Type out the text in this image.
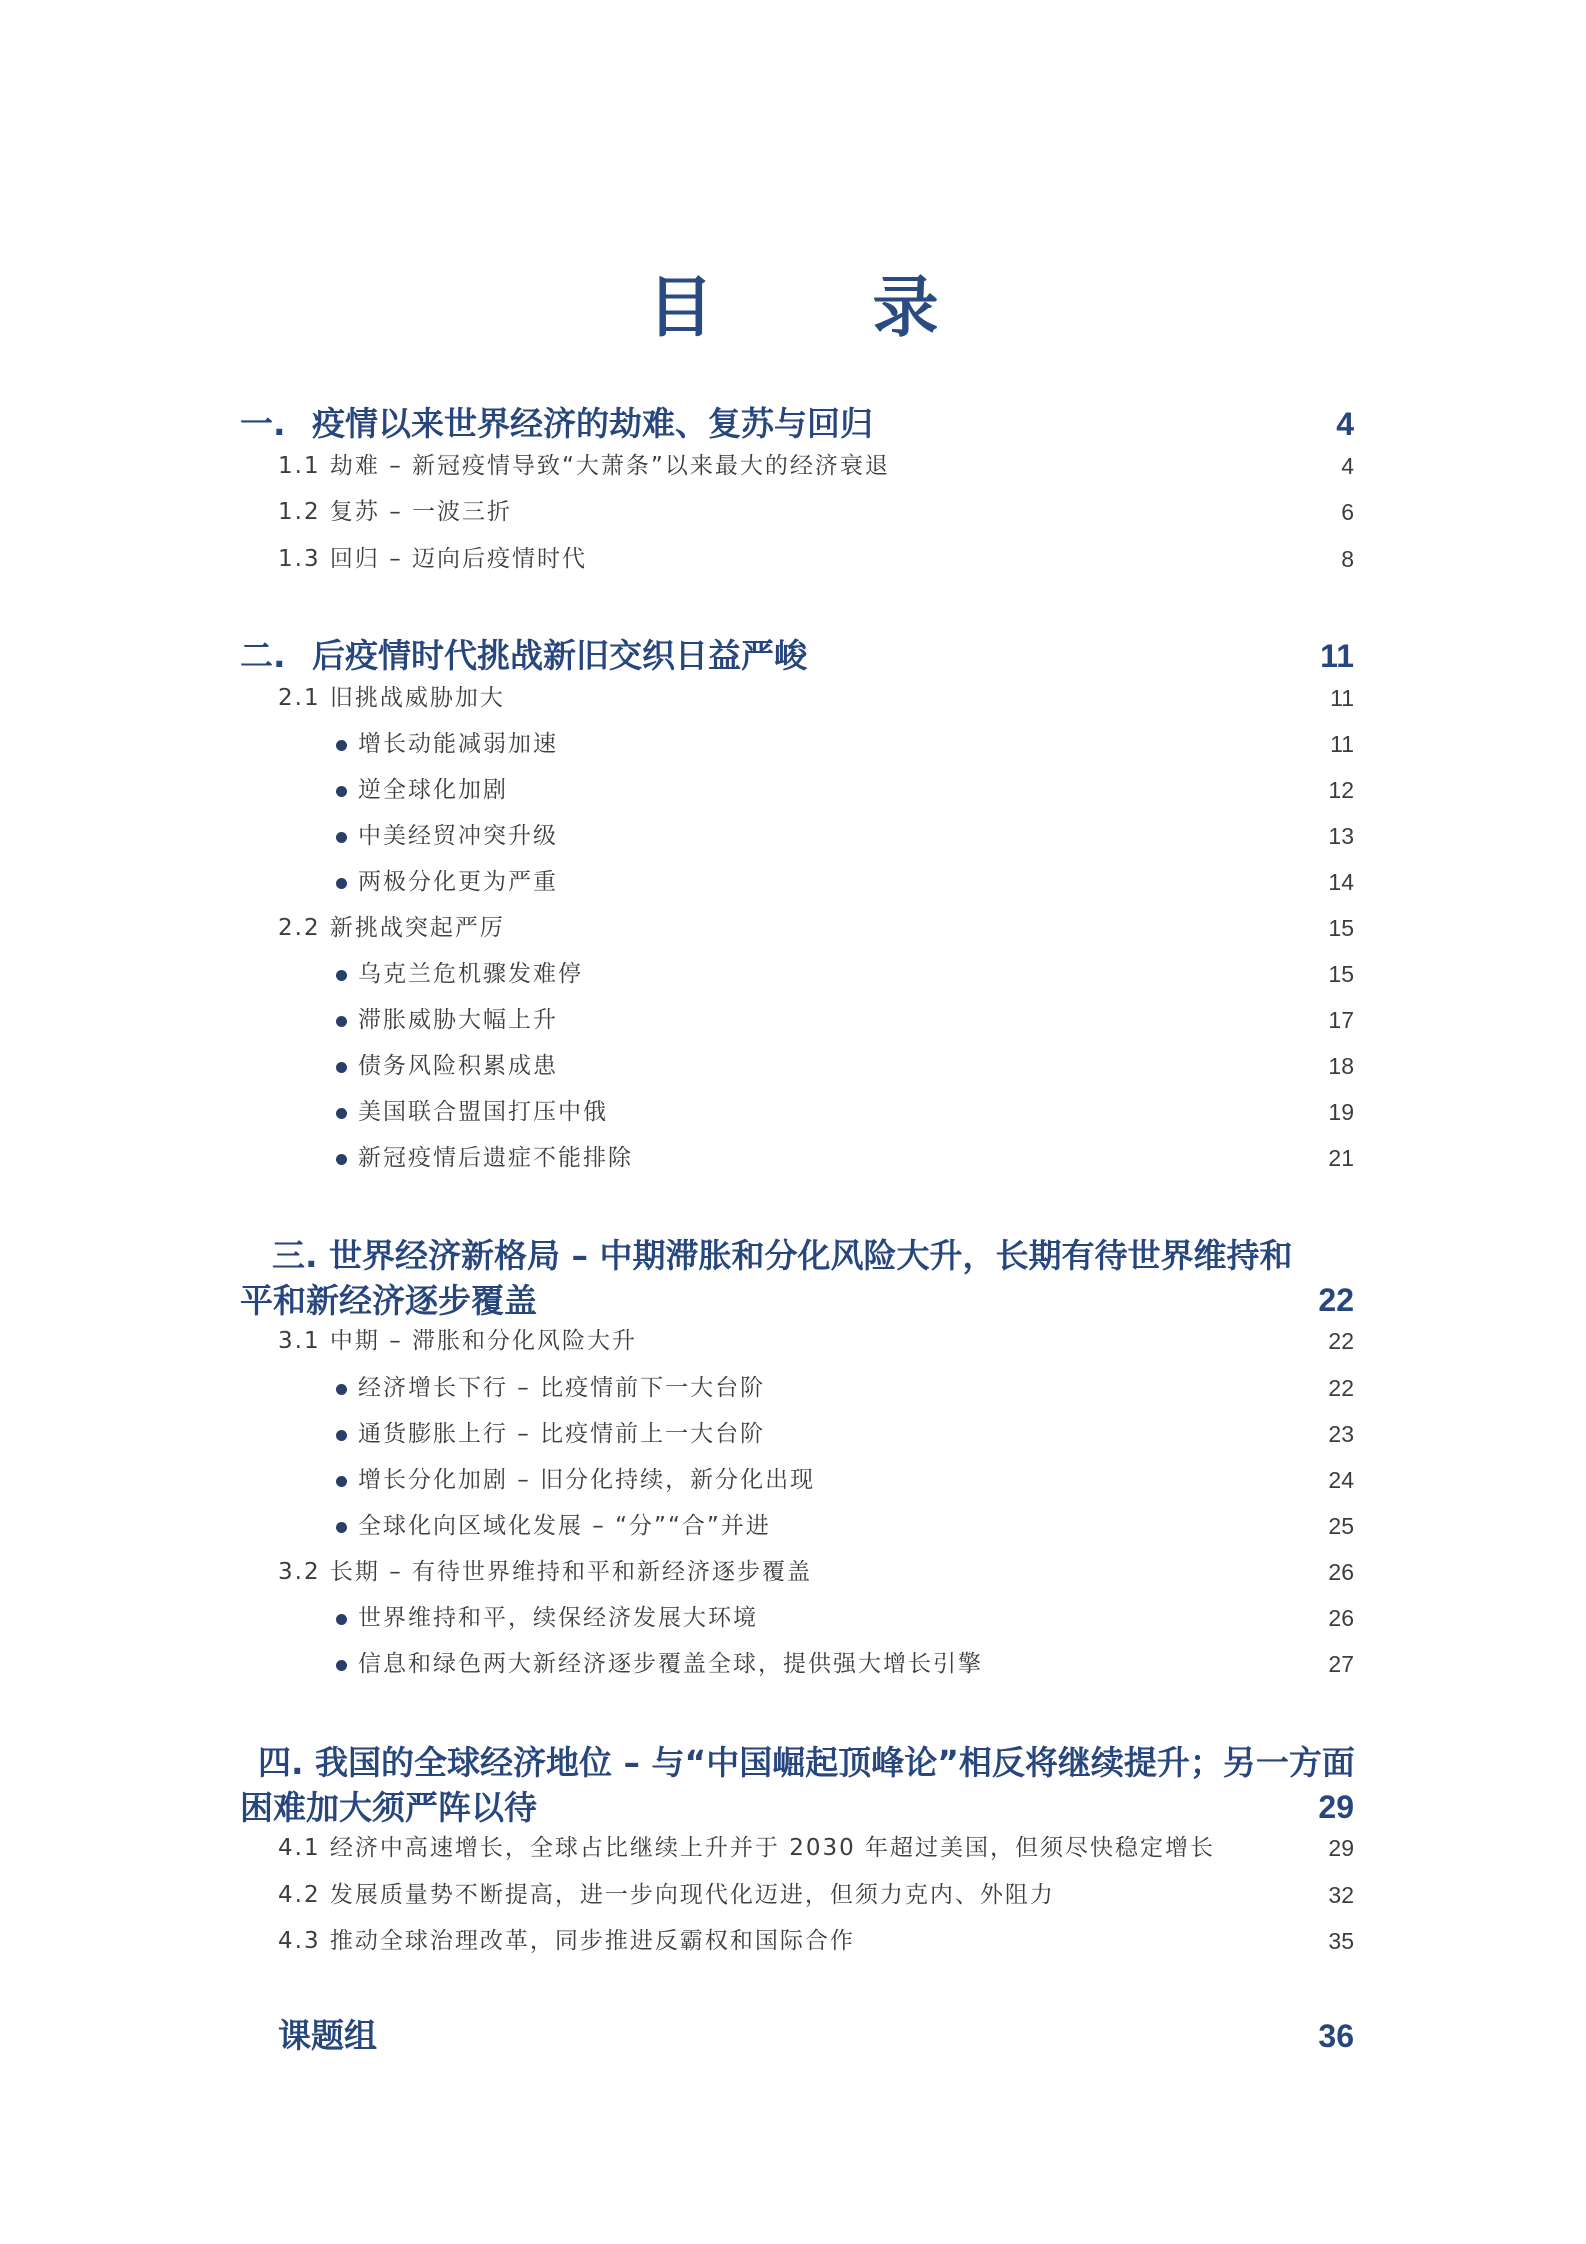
目 录
一. 疫情以来世界经济的劫难、复苏与回归	4
1.1 劫难 – 新冠疫情导致“大萧条”以来最大的经济衰退	4
1.2 复苏 – 一波三折	6
1.3 回归 – 迈向后疫情时代	8
二. 后疫情时代挑战新旧交织日益严峻	11
2.1 旧挑战威胁加大	11
增长动能减弱加速	11
逆全球化加剧	12
中美经贸冲突升级	13
两极分化更为严重	14
2.2 新挑战突起严厉	15
乌克兰危机骤发难停	15
滞胀威胁大幅上升	17
债务风险积累成患	18
美国联合盟国打压中俄	19
新冠疫情后遗症不能排除	21
三. 世界经济新格局 – 中期滞胀和分化风险大升，长期有待世界维持和
平和新经济逐步覆盖	22
3.1 中期 – 滞胀和分化风险大升	22
经济增长下行 – 比疫情前下一大台阶	22
通货膨胀上行 – 比疫情前上一大台阶	23
增长分化加剧 – 旧分化持续，新分化出现	24
全球化向区域化发展 – “分”“合”并进	25
3.2 长期 – 有待世界维持和平和新经济逐步覆盖	26
世界维持和平，续保经济发展大环境	26
信息和绿色两大新经济逐步覆盖全球，提供强大增长引擎	27
四. 我国的全球经济地位 – 与“中国崛起顶峰论”相反将继续提升；另一方面
困难加大须严阵以待	29
4.1 经济中高速增长，全球占比继续上升并于 2030 年超过美国，但须尽快稳定增长	29
4.2 发展质量势不断提高，进一步向现代化迈进，但须力克内、外阻力	32
4.3 推动全球治理改革，同步推进反霸权和国际合作	35
课题组	36
